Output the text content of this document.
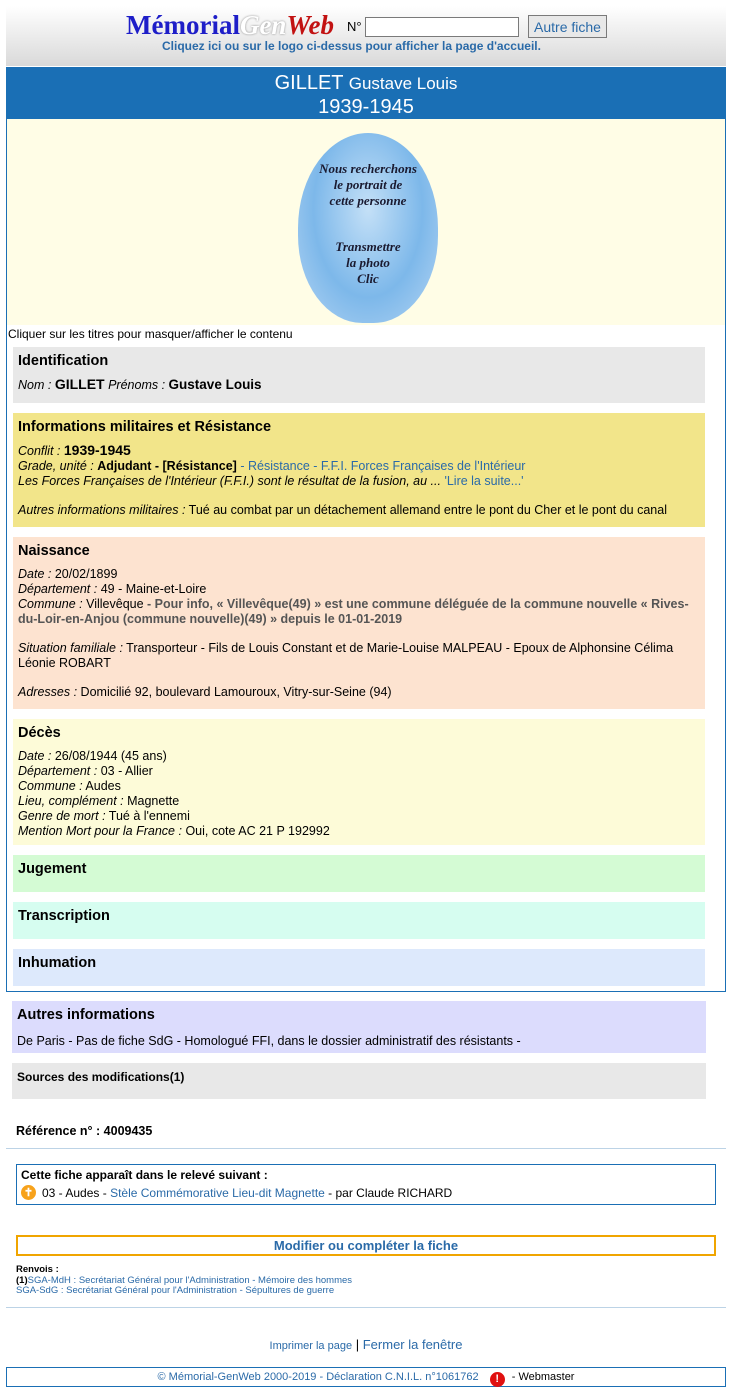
MémorialGenWeb N°	Autre fiche
Cliquez ici ou sur le logo ci-dessus pour afficher la page d'accueil.
GILLET Gustave Louis
1939-1945
Nous recherchons
le portrait de
cette personne
Transmettre
la photo
Clic
Cliquer sur les titres pour masquer/afficher le contenu
Identification
Nom : GILLET Prénoms : Gustave Louis
Informations militaires et Résistance
Conflit : 1939-1945
Grade, unité : Adjudant - [Résistance] - Résistance - F.F.I. Forces Françaises de l'Intérieur
Les Forces Françaises de l'Intérieur (F.F.I.) sont le résultat de la fusion, au ... 'Lire la suite...'
Autres informations militaires : Tué au combat par un détachement allemand entre le pont du Cher et le pont du canal
Naissance
Date : 20/02/1899
Département : 49 - Maine-et-Loire
Commune : Villevêque - Pour info, « Villevêque(49) » est une commune déléguée de la commune nouvelle « Rives-du-Loir-en-Anjou (commune nouvelle)(49) » depuis le 01-01-2019
Situation familiale : Transporteur - Fils de Louis Constant et de Marie-Louise MALPEAU - Epoux de Alphonsine Célima Léonie ROBART
Adresses : Domicilié 92, boulevard Lamouroux, Vitry-sur-Seine (94)
Décès
Date : 26/08/1944 (45 ans)
Département : 03 - Allier
Commune : Audes
Lieu, complément : Magnette
Genre de mort : Tué à l'ennemi
Mention Mort pour la France : Oui, cote AC 21 P 192992
Jugement
Transcription
Inhumation
Autres informations
De Paris - Pas de fiche SdG - Homologué FFI, dans le dossier administratif des résistants -
Sources des modifications(1)
Référence n° : 4009435
Cette fiche apparaît dans le relevé suivant :
✝ 03 - Audes -
Stèle Commémorative Lieu-dit Magnette
- par Claude RICHARD
Modifier ou compléter la fiche
Renvois :
(1)SGA-MdH : Secrétariat Général pour l'Administration - Mémoire des hommes
SGA-SdG : Secrétariat Général pour l'Administration - Sépultures de guerre
Imprimer la page | Fermer la fenêtre
© Mémorial-GenWeb 2000-2019 - Déclaration C.N.I.L. n°1061762 ! - Webmaster
